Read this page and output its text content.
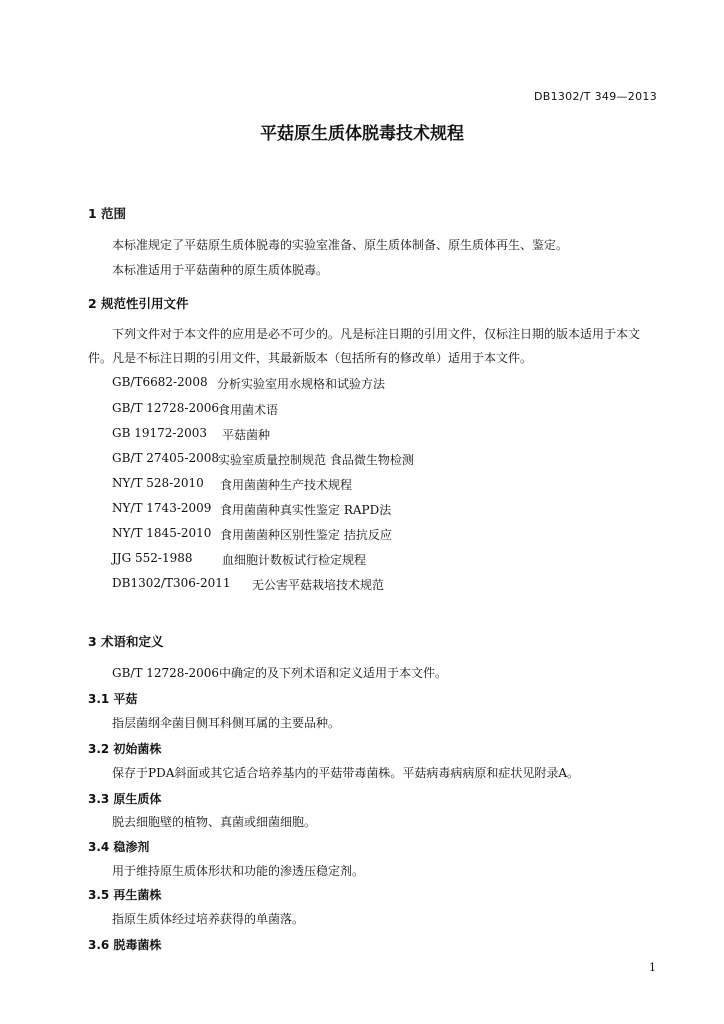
DB1302/T 349—2013
平菇原生质体脱毒技术规程
1 范围
本标准规定了平菇原生质体脱毒的实验室准备、原生质体制备、原生质体再生、鉴定。
本标准适用于平菇菌种的原生质体脱毒。
2 规范性引用文件
下列文件对于本文件的应用是必不可少的。凡是标注日期的引用文件，仅标注日期的版本适用于本文件。凡是不标注日期的引用文件，其最新版本（包括所有的修改单）适用于本文件。
GB/T6682-2008 分析实验室用水规格和试验方法
GB/T 12728-2006
食用菌术语
GB 19172-2003 平菇菌种
GB/T 27405-2008
实验室质量控制规范 食品微生物检测
NY/T 528-2010 食用菌菌种生产技术规程
NY/T 1743-2009 食用菌菌种真实性鉴定 RAPD法
NY/T 1845-2010 食用菌菌种区别性鉴定 拮抗反应
JJG 552-1988 血细胞计数板试行检定规程
DB1302/T306-2011 无公害平菇栽培技术规范
3 术语和定义
GB/T 12728-2006中确定的及下列术语和定义适用于本文件。
3.1 平菇
指层菌纲伞菌目侧耳科侧耳属的主要品种。
3.2 初始菌株
保存于PDA斜面或其它适合培养基内的平菇带毒菌株。平菇病毒病病原和症状见附录A。
3.3 原生质体
脱去细胞壁的植物、真菌或细菌细胞。
3.4 稳渗剂
用于维持原生质体形状和功能的渗透压稳定剂。
3.5 再生菌株
指原生质体经过培养获得的单菌落。
3.6 脱毒菌株
1
